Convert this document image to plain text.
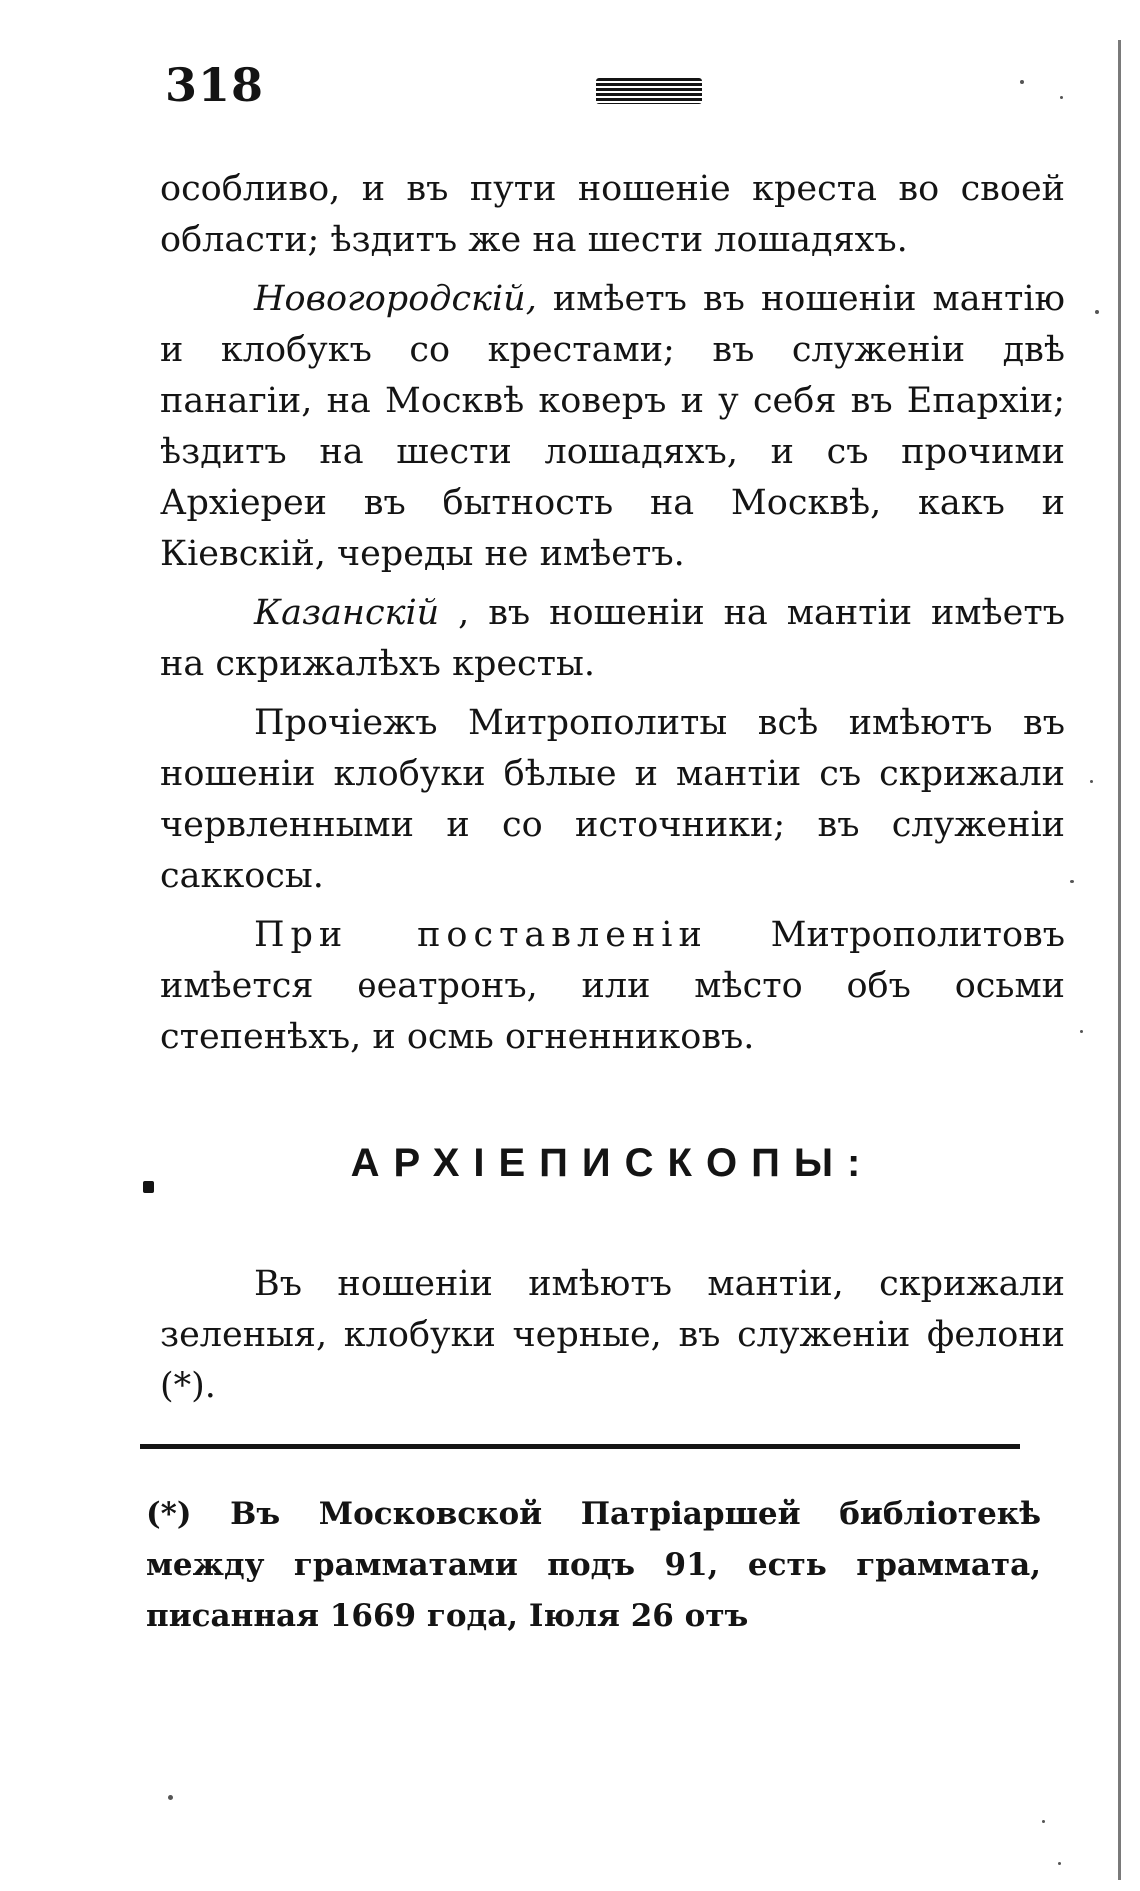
318

особливо, и въ пути ношеніе креста во своей области; ѣздитъ же на шести лошадяхъ.

Новогородскій, имѣетъ въ ношеніи мантію и клобукъ со крестами; въ служеніи двѣ панагіи, на Москвѣ коверъ и у себя въ Епархіи; ѣздитъ на шести лошадяхъ, и съ прочими Архіереи въ бытность на Москвѣ, какъ и Кіевскій, череды не имѣетъ.

Казанскій , въ ношеніи на мантіи имѣетъ на скрижалѣхъ кресты.

Прочіежъ Митрополиты всѣ имѣютъ въ ношеніи клобуки бѣлые и мантіи съ скрижали червленными и со источники; въ служеніи саккосы.

При поставленіи Митрополитовъ имѣется ѳеатронъ, или мѣсто объ осьми степенѣхъ, и осмь огненниковъ.

АРХІЕПИСКОПЫ:

Въ ношеніи имѣютъ мантіи, скрижали зеленыя, клобуки черные, въ служеніи фелони (*).

(*) Въ Московской Патріаршей библіотекѣ между грамматами подъ 91, есть граммата, писанная 1669 года, Іюля 26 отъ
